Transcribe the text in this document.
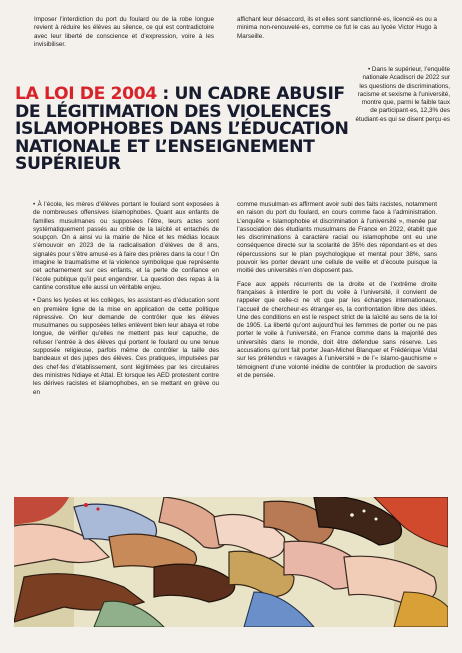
Imposer l’interdiction du port du foulard ou de la robe longue revient à réduire les élèves au silence, ce qui est contradictoire avec leur liberté de conscience et d’expression, voire à les invisibiliser.

affichant leur désaccord, ils et elles sont sanctionné·es, licencié·es ou a minima non-renouvelé·es, comme ce fut le cas au lycée Victor Hugo à Marseille.

LA LOI DE 2004 : UN CADRE ABUSIF DE LÉGITIMATION DES VIOLENCES ISLAMOPHOBES DANS L’ÉDUCATION NATIONALE ET L’ENSEIGNEMENT SUPÉRIEUR

• Dans le supérieur, l’enquête nationale Acadiscri de 2022 sur les questions de discriminations, racisme et sexisme à l’université, montre que, parmi le faible taux de participant·es, 12,3% des étudiant·es qui se disent perçu·es

• À l’école, les mères d’élèves portant le foulard sont exposées à de nombreuses offensives islamophobes. Quant aux enfants de familles musulmanes ou supposées l’être, leurs actes sont systématiquement passés au crible de la laïcité et entachés de soupçon. On a ainsi vu la mairie de Nice et les médias locaux s’émouvoir en 2023 de la radicalisation d’élèves de 8 ans, signalés pour s’être amusé·es à faire des prières dans la cour ! On imagine le traumatisme et la violence symbolique que représente cet acharnement sur ces enfants, et la perte de confiance en l’école publique qu’il peut engendrer. La question des repas à la cantine constitue elle aussi un véritable enjeu.

• Dans les lycées et les collèges, les assistant·es d’éducation sont en première ligne de la mise en application de cette politique répressive. On leur demande de contrôler que les élèves musulmanes ou supposées telles enlèvent bien leur abaya et robe longue, de vérifier qu’elles ne mettent pas leur capuche, de refuser l’entrée à des élèves qui portent le foulard ou une tenue supposée religieuse, parfois même de contrôler la taille des bandeaux et des jupes des élèves. Ces pratiques, impulsées par des chef·fes d’établissement, sont légitimées par les circulaires des ministres Ndiaye et Attal. Et lorsque les AED protestent contre les dérives racistes et islamophobes, en se mettant en grève ou en

comme musulman·es affirment avoir subi des faits racistes, notamment en raison du port du foulard, en cours comme face à l’administration. L’enquête « Islamophobie et discrimination à l’université », menée par l’association des étudiants musulmans de France en 2022, établit que les discriminations à caractère racial ou islamophobe ont eu une conséquence directe sur la scolarité de 35% des répondant·es et des répercussions sur le plan psychologique et mental pour 38%, sans pouvoir les porter devant une cellule de veille et d’écoute puisque la moitié des universités n’en disposent pas.

Face aux appels récurrents de la droite et de l’extrême droite françaises à interdire le port du voile à l’université, il convient de rappeler que celle-ci ne vit que par les échanges internationaux, l’accueil de chercheur·es étranger·es, la confrontation libre des idées. Une des conditions en est le respect strict de la laïcité au sens de la loi de 1905. La liberté qu’ont aujourd’hui les femmes de porter ou ne pas porter le voile à l’université, en France comme dans la majorité des universités dans le monde, doit être défendue sans réserve. Les accusations qu’ont fait porter Jean-Michel Blanquer et Frédérique Vidal sur les prétendus « ravages à l’université » de l’« islamo-gauchisme » témoignent d’une volonté inédite de contrôler la production de savoirs et de pensée.
